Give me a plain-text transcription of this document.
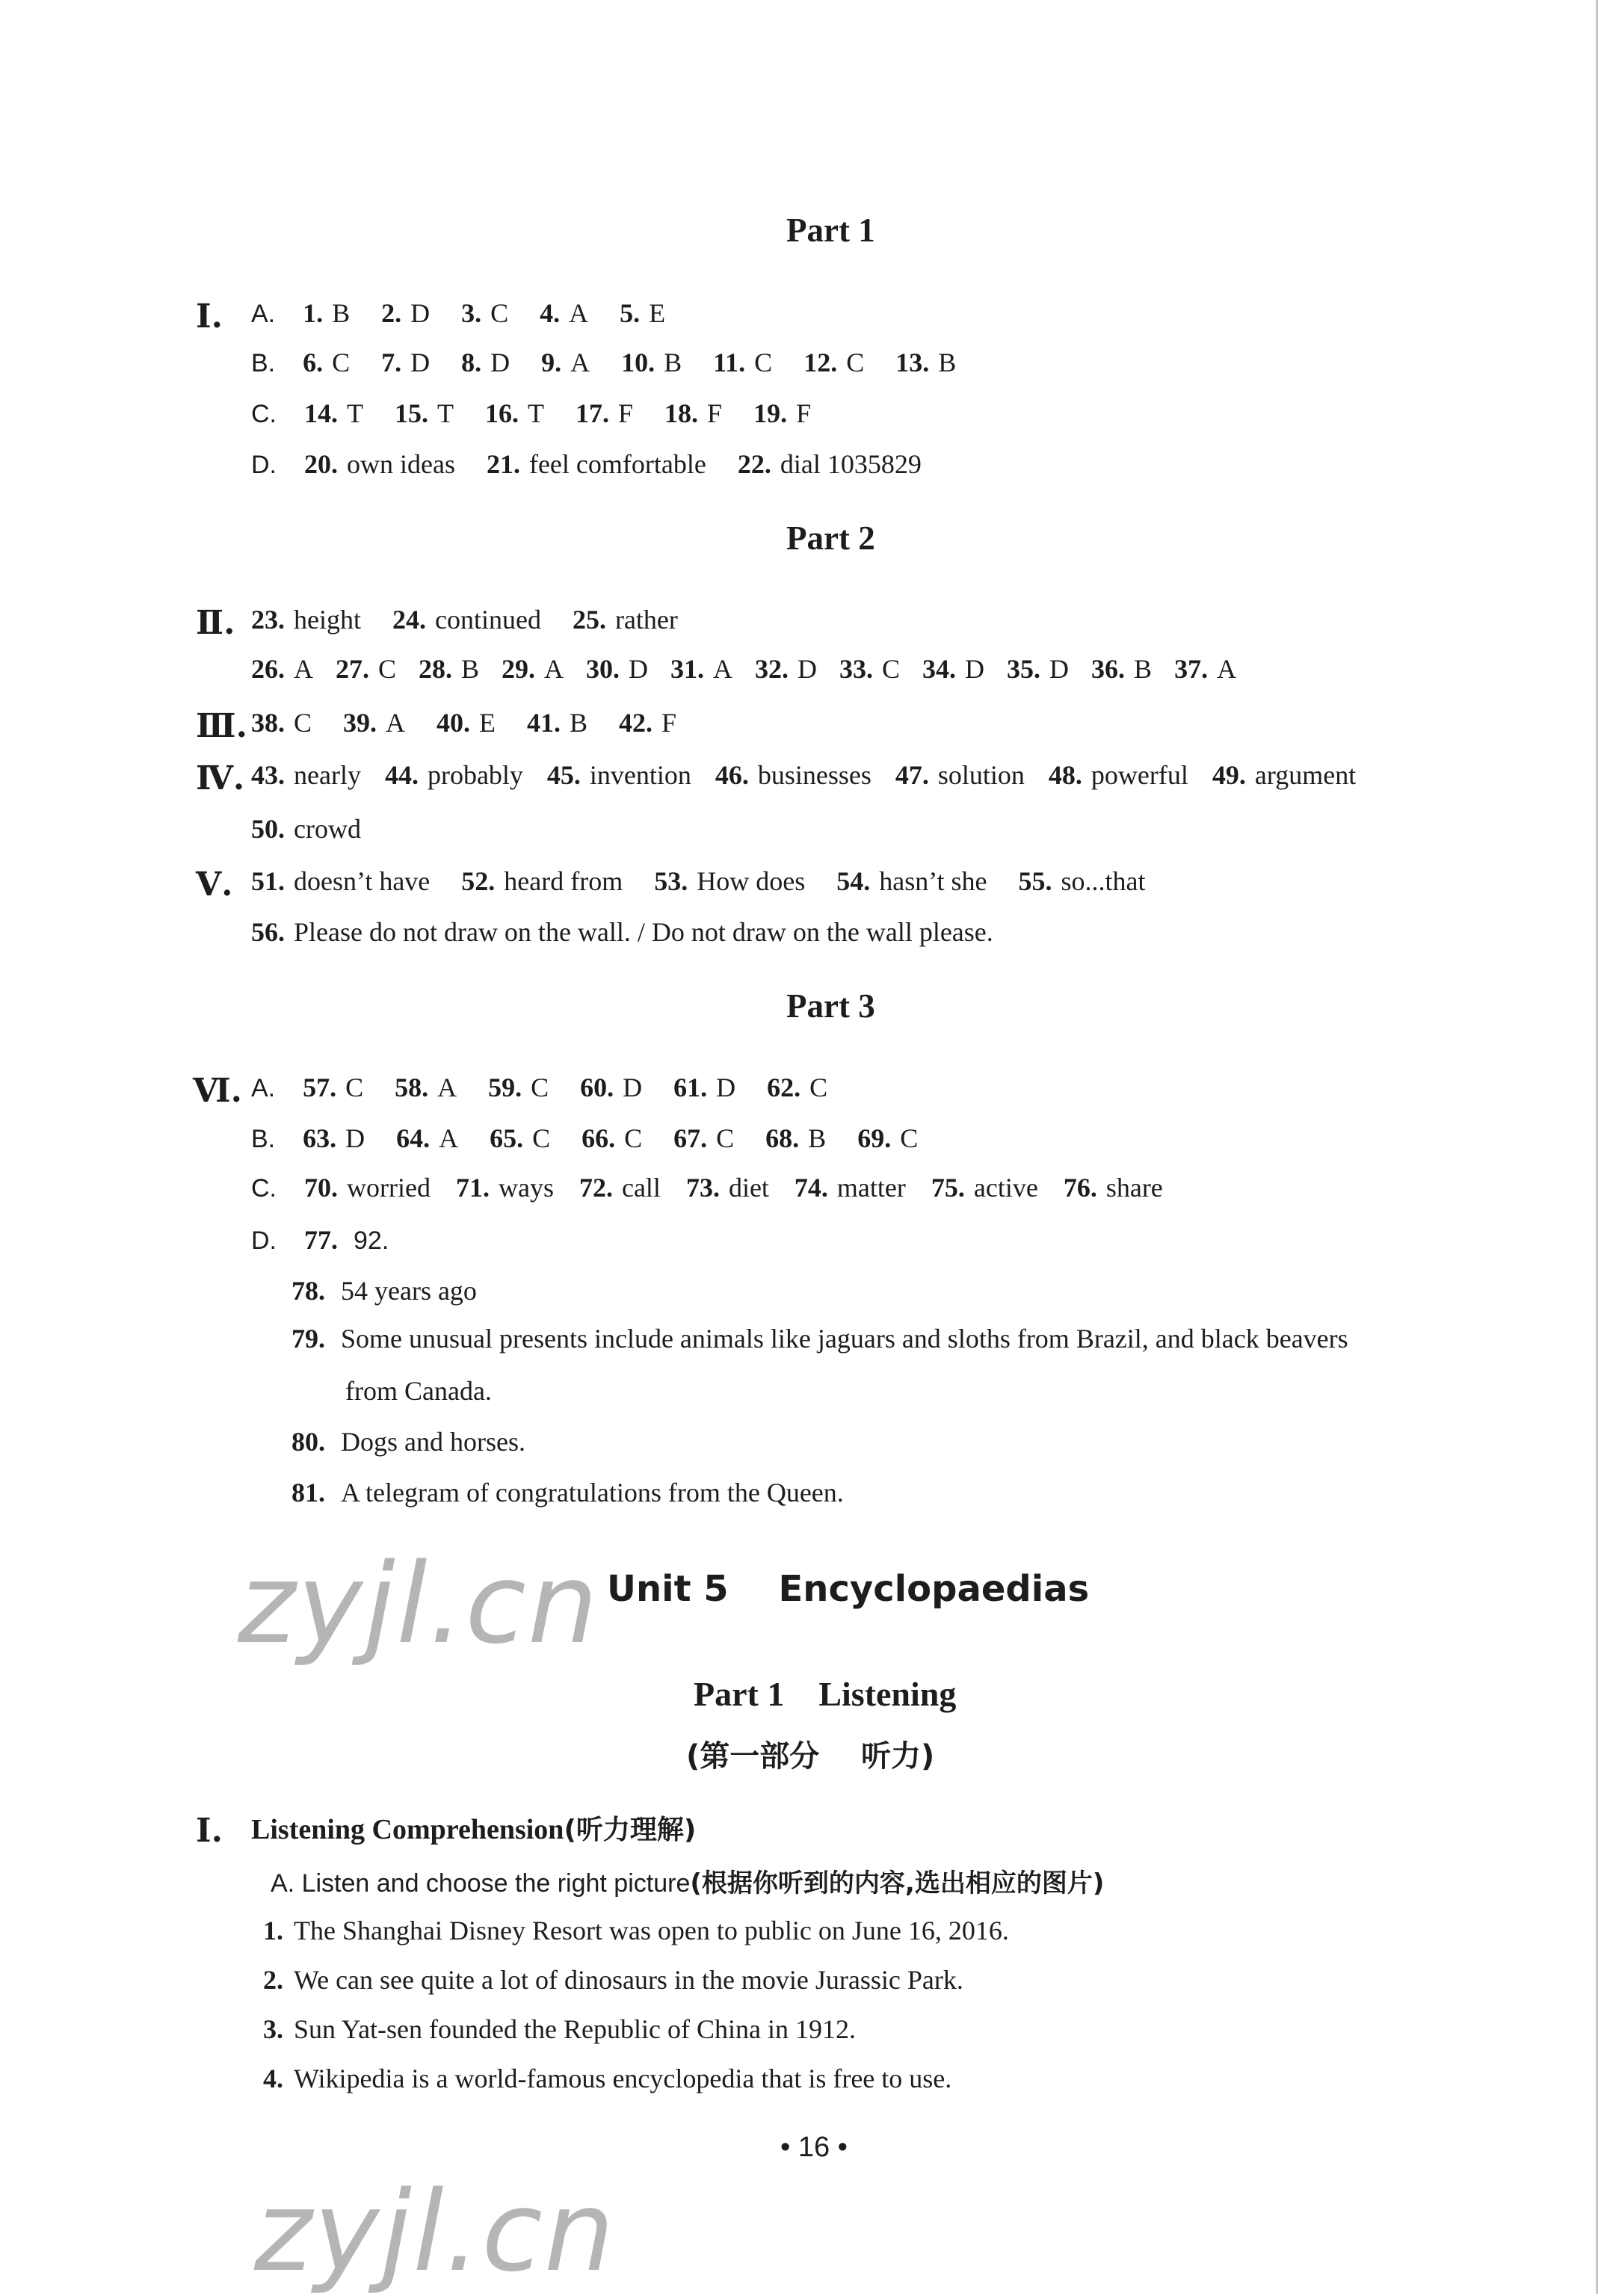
Part 1
Ⅰ. A. 1. B 2. D 3. C 4. A 5. E
B. 6. C 7. D 8. D 9. A 10. B 11. C 12. C 13. B
C. 14. T 15. T 16. T 17. F 18. F 19. F
D. 20. own ideas 21. feel comfortable 22. dial 1035829
Part 2
Ⅱ. 23. height 24. continued 25. rather
26. A 27. C 28. B 29. A 30. D 31. A 32. D 33. C 34. D 35. D 36. B 37. A
Ⅲ. 38. C 39. A 40. E 41. B 42. F
Ⅳ. 43. nearly 44. probably 45. invention 46. businesses 47. solution 48. powerful 49. argument
50. crowd
Ⅴ. 51. doesn’t have 52. heard from 53. How does 54. hasn’t she 55. so...that
56. Please do not draw on the wall. / Do not draw on the wall please.
Part 3
Ⅵ. A. 57. C 58. A 59. C 60. D 61. D 62. C
B. 63. D 64. A 65. C 66. C 67. C 68. B 69. C
C. 70. worried 71. ways 72. call 73. diet 74. matter 75. active 76. share
D. 77. 92.
78. 54 years ago
79. Some unusual presents include animals like jaguars and sloths from Brazil, and black beavers
from Canada.
80. Dogs and horses.
81. A telegram of congratulations from the Queen.
zyjl.cn Unit 5    Encyclopaedias
Part 1    Listening
(第一部分    听力)
Ⅰ. Listening Comprehension(听力理解)
A. Listen and choose the right picture(根据你听到的内容,选出相应的图片)
1. The Shanghai Disney Resort was open to public on June 16, 2016.
2. We can see quite a lot of dinosaurs in the movie Jurassic Park.
3. Sun Yat-sen founded the Republic of China in 1912.
4. Wikipedia is a world-famous encyclopedia that is free to use.
• 16 •
zyjl.cn
